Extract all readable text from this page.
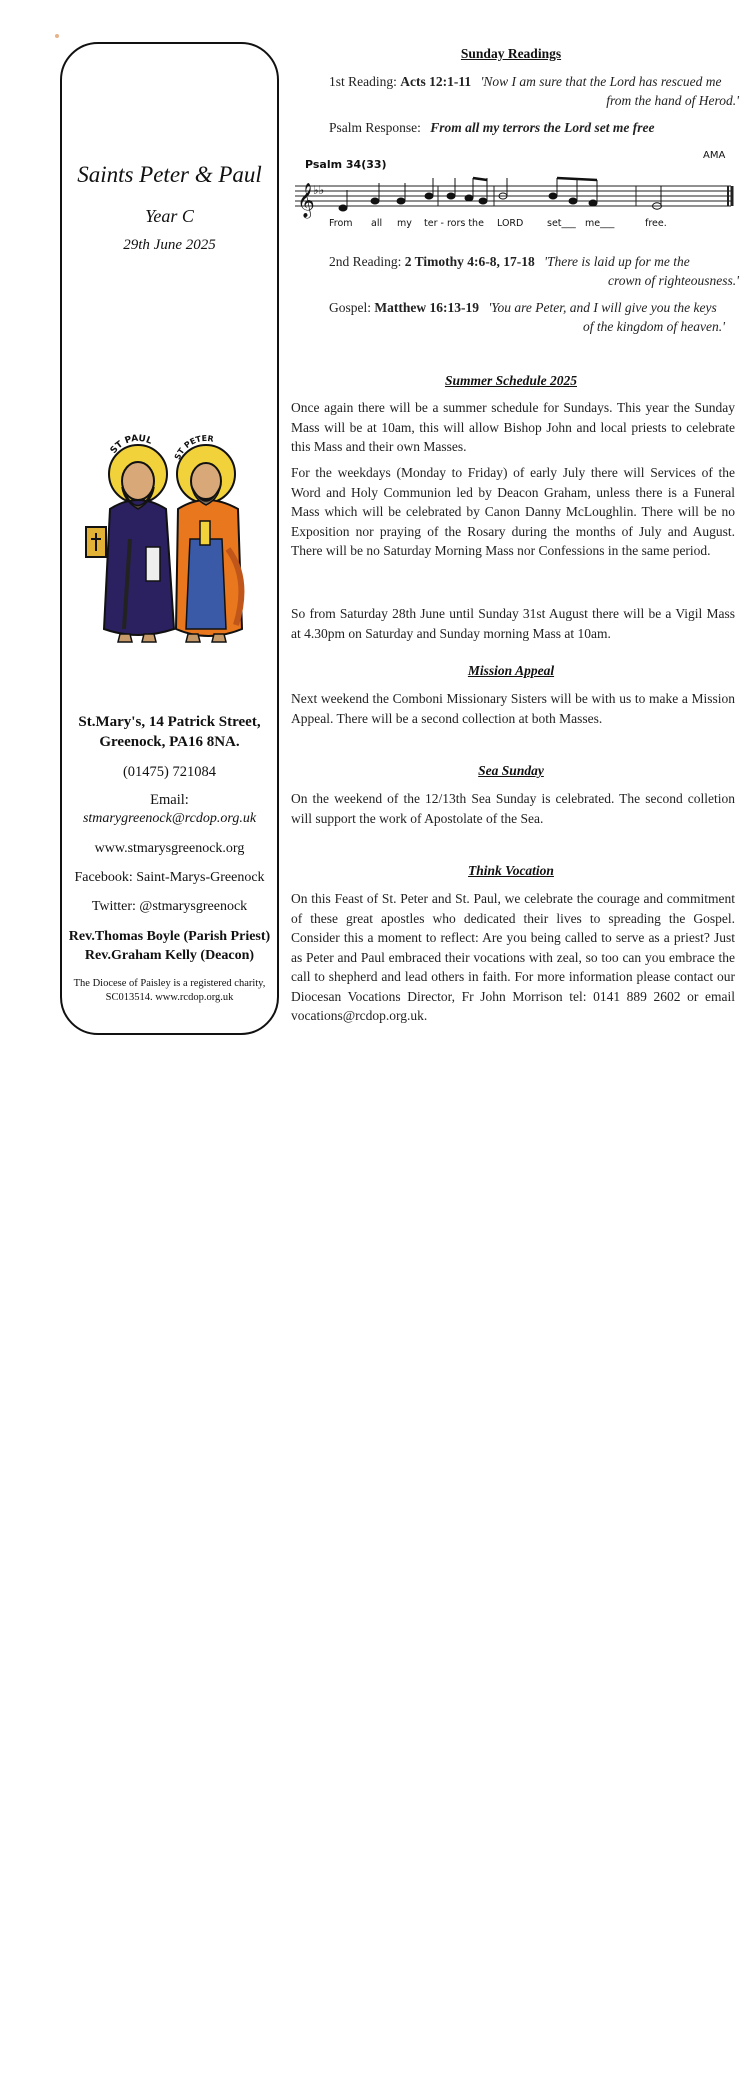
Saints Peter & Paul
Year C
29th June 2025
ST PAUL
ST PETER
St.Mary's, 14 Patrick Street,
Greenock, PA16 8NA.
(01475) 721084
Email:
stmarygreenock@rcdop.org.uk
www.stmarysgreenock.org
Facebook: Saint-Marys-Greenock
Twitter: @stmarysgreenock
Rev.Thomas Boyle (Parish Priest)
Rev.Graham Kelly (Deacon)
The Diocese of Paisley is a registered charity,
SC013514. www.rcdop.org.uk
Sunday Readings
1st Reading: Acts 12:1-11 'Now I am sure that the Lord has rescued me
from the hand of Herod.'
Psalm Response: From all my terrors the Lord set me free
Psalm 34(33)
AMA
𝄞
♭♭
From all my ter - rors the LORD set___ me___	free.
2nd Reading: 2 Timothy 4:6-8, 17-18 'There is laid up for me the
crown of righteousness.'
Gospel: Matthew 16:13-19 'You are Peter, and I will give you the keys
of the kingdom of heaven.'
Summer Schedule 2025
Once again there will be a summer schedule for Sundays. This year the Sunday Mass will be at 10am, this will allow Bishop John and local priests to celebrate this Mass and their own Masses.
For the weekdays (Monday to Friday) of early July there will Services of the Word and Holy Communion led by Deacon Graham, unless there is a Funeral Mass which will be celebrated by Canon Danny McLoughlin. There will be no Exposition nor praying of the Rosary during the months of July and August. There will be no Saturday Morning Mass nor Confessions in the same period.
So from Saturday 28th June until Sunday 31st August there will be a Vigil Mass at 4.30pm on Saturday and Sunday morning Mass at 10am.
Mission Appeal
Next weekend the Comboni Missionary Sisters will be with us to make a Mission Appeal. There will be a second collection at both Masses.
Sea Sunday
On the weekend of the 12/13th Sea Sunday is celebrated. The second colletion will support the work of Apostolate of the Sea.
Think Vocation
On this Feast of St. Peter and St. Paul, we celebrate the courage and commitment of these great apostles who dedicated their lives to spreading the Gospel. Consider this a moment to reflect: Are you being called to serve as a priest? Just as Peter and Paul embraced their vocations with zeal, so too can you embrace the call to shepherd and lead others in faith. For more information please contact our Diocesan Vocations Director, Fr John Morrison tel: 0141 889 2602 or email vocations@rcdop.org.uk.
